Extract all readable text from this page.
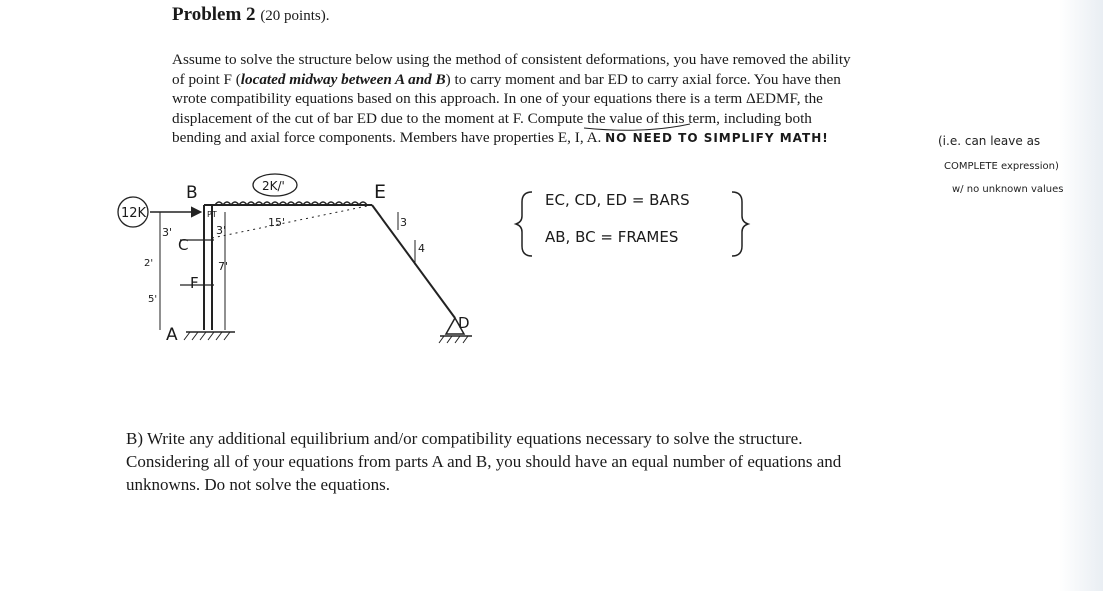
Problem 2 (20 points).
Assume to solve the structure below using the method of consistent deformations, you have removed the ability
of point F (located midway between A and B) to carry moment and bar ED to carry axial force. You have then
wrote compatibility equations based on this approach. In one of your equations there is a term ΔEDMF, the
displacement of the cut of bar ED due to the moment at F. Compute the value of this term, including both
bending and axial force components. Members have properties E, I, A. NO NEED TO SIMPLIFY MATH!	(i.e. can leave as
COMPLETE expression)
w/ no unknown values
12K
2K/'
B
C
F
A
E
D
3'	3'
15'
7'
2'
5'
3
4
PT
EC, CD, ED = BARS
AB, BC = FRAMES
B) Write any additional equilibrium and/or compatibility equations necessary to solve the structure.
Considering all of your equations from parts A and B, you should have an equal number of equations and
unknowns. Do not solve the equations.
